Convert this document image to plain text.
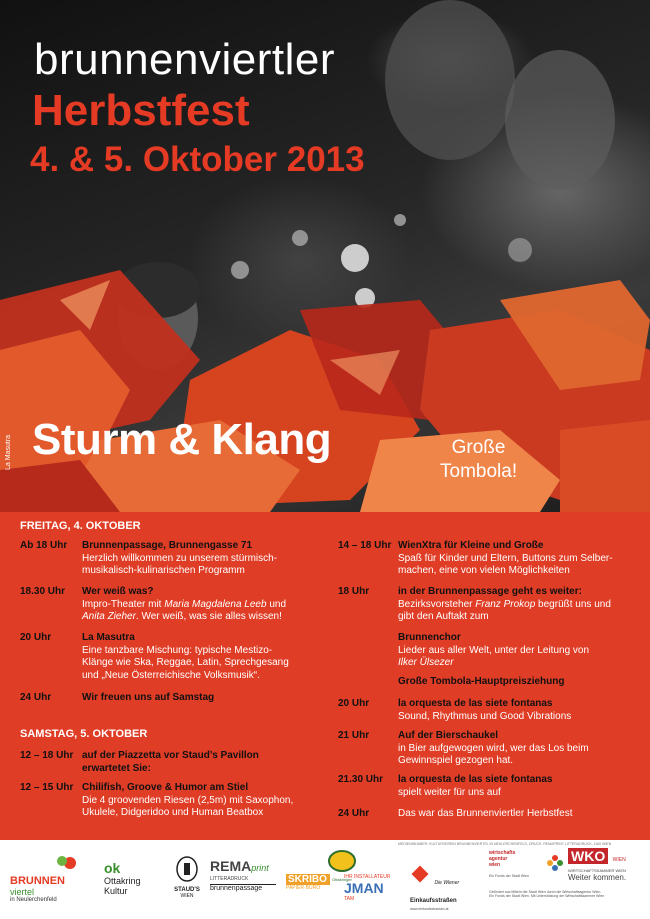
brunnenviertler
Herbstfest
4. & 5. Oktober 2013
Sturm & Klang	Große
Tombola!
La Masutra
FREITAG, 4. OKTOBER
Ab 18 Uhr Brunnenpassage, Brunnengasse 71
Herzlich willkommen zu unserem stürmisch-
musikalisch-kulinarischen Programm
18.30 Uhr Wer weiß was?
Impro-Theater mit Maria Magdalena Leeb und
Anita Zieher. Wer weiß, was sie alles wissen!
20 Uhr	La Masutra
Eine tanzbare Mischung: typische Mestizo-
Klänge wie Ska, Reggae, Latin, Sprechgesang
und „Neue Österreichische Volksmusik“.
24 Uhr	Wir freuen uns auf Samstag
SAMSTAG, 5. OKTOBER
12 – 18 Uhr auf der Piazzetta vor Staud’s Pavillon
erwartetet Sie:
12 – 15 Uhr Chilifish, Groove & Humor am Stiel
Die 4 groovenden Riesen (2,5m) mit Saxophon,
Ukulele, Didgeridoo und Human Beatbox
14 – 18 Uhr WienXtra für Kleine und Große
Spaß für Kinder und Eltern, Buttons zum Selber-
machen, eine von vielen Möglichkeiten
18 Uhr	in der Brunnenpassage geht es weiter:
Bezirksvorsteher Franz Prokop begrüßt uns und
gibt den Auftakt zum
Brunnenchor
Lieder aus aller Welt, unter der Leitung von
Ilker Ülsezer
Große Tombola-Hauptpreisziehung
20 Uhr	la orquesta de las siete fontanas
Sound, Rhythmus und Good Vibrations
21 Uhr	Auf der Bierschaukel
in Bier aufgewogen wird, wer das Los beim
Gewinnspiel gezogen hat.
21.30 Uhr la orquesta de las siete fontanas
spielt weiter für uns auf
24 Uhr	Das war das Brunnenviertler Herbstfest
MEDIENINHABER: KULTURVEREIN BRUNNENVIERTEL IN NEULERCHENFELD, DRUCK: REMAPRINT LITTERADRUCK, 1160 WIEN
BRUNNEN
viertel
in Neulerchenfeld
ok
Ottakring
Kultur	STAUD'S
WIEN
REMAprint
LITTERADRUCK
brunnenpassage
Ottakringer
SKRIBO
PAPIER·BÜRO
IHR INSTALLATEUR
JMAN
TAM
Die Wiener Einkaufsstraßen
www.einkaufsstrassen.at
wirtschafts
agentur
wien
Ein Fonds der Stadt Wien
Gefördert aus Mitteln der Stadt Wien durch die Wirtschaftsagentur Wien.
Ein Fonds der Stadt Wien. Mit Unterstützung der Wirtschaftskammer Wien
WKO WIEN
WIRTSCHAFTSKAMMER WIEN
Weiter kommen.
